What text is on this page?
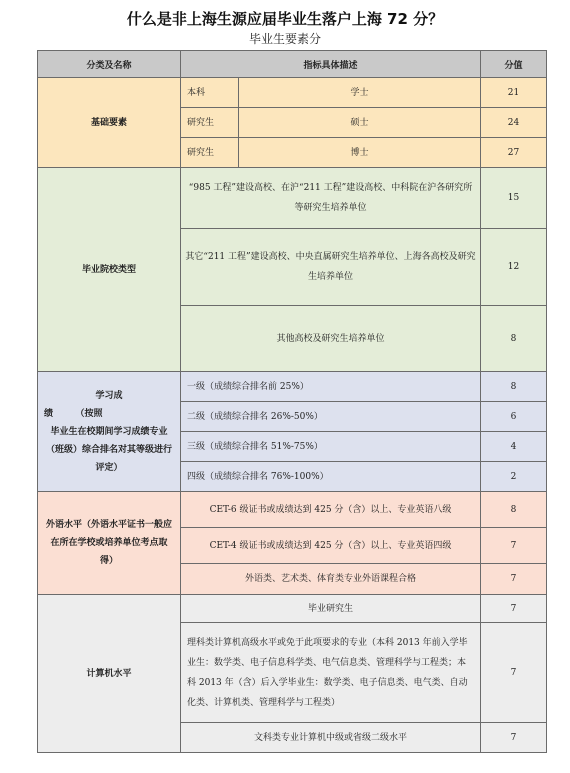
什么是非上海生源应届毕业生落户上海 72 分？
毕业生要素分
分类及名称	指标具体描述		分值
基础要素	本科	学士	21
	研究生	硕士	24
	研究生	博士	27
毕业院校类型	“985 工程”建设高校、在沪“211 工程”建设高校、中科院在沪各研究所等研究生培养单位		15
	其它“211 工程”建设高校、中央直属研究生培养单位、上海各高校及研究生培养单位		12
	其他高校及研究生培养单位		8

学习成
绩　　　（按照
毕业生在校期间学习成绩专业（班级）综合排名对其等级进行评定）	一级（成绩综合排名前 25%）		8
	二级（成绩综合排名 26%-50%）		6
	三级（成绩综合排名 51%-75%）		4
	四级（成绩综合排名 76%-100%）		2
外语水平（外语水平证书一般应在所在学校或培养单位考点取得）	CET-6 级证书或成绩达到 425 分（含）以上、专业英语八级		8
	CET-4 级证书或成绩达到 425 分（含）以上、专业英语四级		7
	外语类、艺术类、体育类专业外语课程合格		7
计算机水平	毕业研究生		7
	理科类计算机高级水平或免于此项要求的专业（本科 2013 年前入学毕业生：数学类、电子信息科学类、电气信息类、管理科学与工程类；本科 2013 年（含）后入学毕业生：数学类、电子信息类、电气类、自动化类、计算机类、管理科学与工程类）		7
	文科类专业计算机中级或省级二级水平		7
